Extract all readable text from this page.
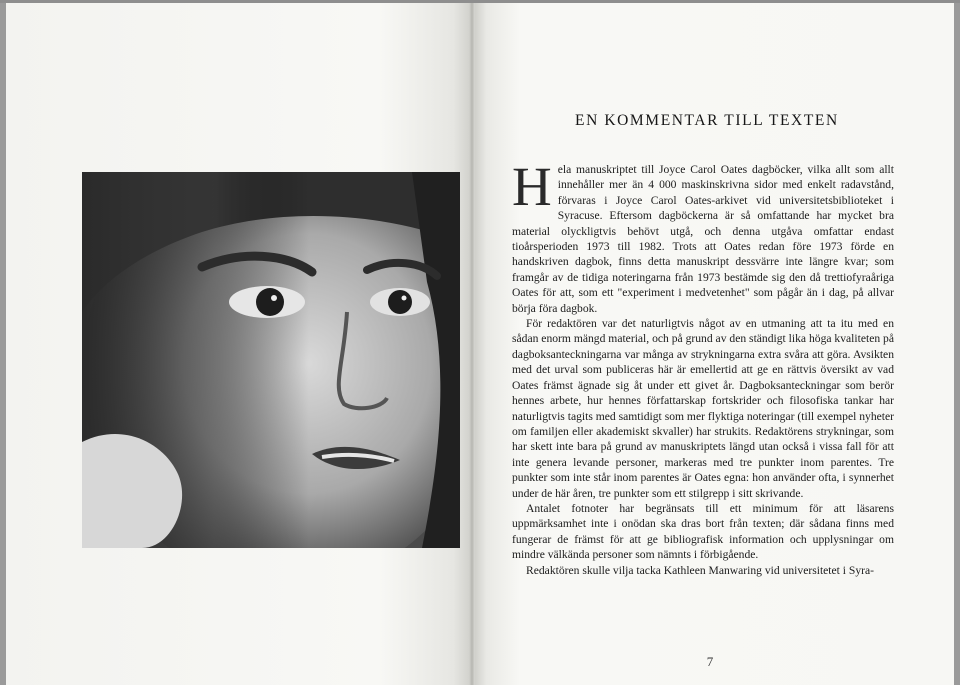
EN KOMMENTAR TILL TEXTEN

Hela manuskriptet till Joyce Carol Oates dagböcker, vilka allt som allt innehåller mer än 4 000 maskinskrivna sidor med enkelt radavstånd, förvaras i Joyce Carol Oates-arkivet vid universitetsbiblioteket i Syracuse. Eftersom dagböckerna är så omfattande har mycket bra material olyckligtvis behövt utgå, och denna utgåva omfattar endast tioårsperioden 1973 till 1982. Trots att Oates redan före 1973 förde en handskriven dagbok, finns detta manuskript dessvärre inte längre kvar; som framgår av de tidiga noteringarna från 1973 bestämde sig den då trettiofyraåriga Oates för att, som ett "experiment i medvetenhet" som pågår än i dag, på allvar börja föra dagbok.

För redaktören var det naturligtvis något av en utmaning att ta itu med en sådan enorm mängd material, och på grund av den ständigt lika höga kvaliteten på dagboksanteckningarna var många av strykningarna extra svåra att göra. Avsikten med det urval som publiceras här är emellertid att ge en rättvis översikt av vad Oates främst ägnade sig åt under ett givet år. Dagboksanteckningar som berör hennes arbete, hur hennes författarskap fortskrider och filosofiska tankar har naturligtvis tagits med samtidigt som mer flyktiga noteringar (till exempel nyheter om familjen eller akademiskt skvaller) har strukits. Redaktörens strykningar, som har skett inte bara på grund av manuskriptets längd utan också i vissa fall för att inte genera levande personer, markeras med tre punkter inom parentes. Tre punkter som inte står inom parentes är Oates egna: hon använder ofta, i synnerhet under de här åren, tre punkter som ett stilgrepp i sitt skrivande.

Antalet fotnoter har begränsats till ett minimum för att läsarens uppmärksamhet inte i onödan ska dras bort från texten; där sådana finns med fungerar de främst för att ge bibliografisk information och upplysningar om mindre välkända personer som nämnts i förbigående.

Redaktören skulle vilja tacka Kathleen Manwaring vid universitetet i Syra-

7
